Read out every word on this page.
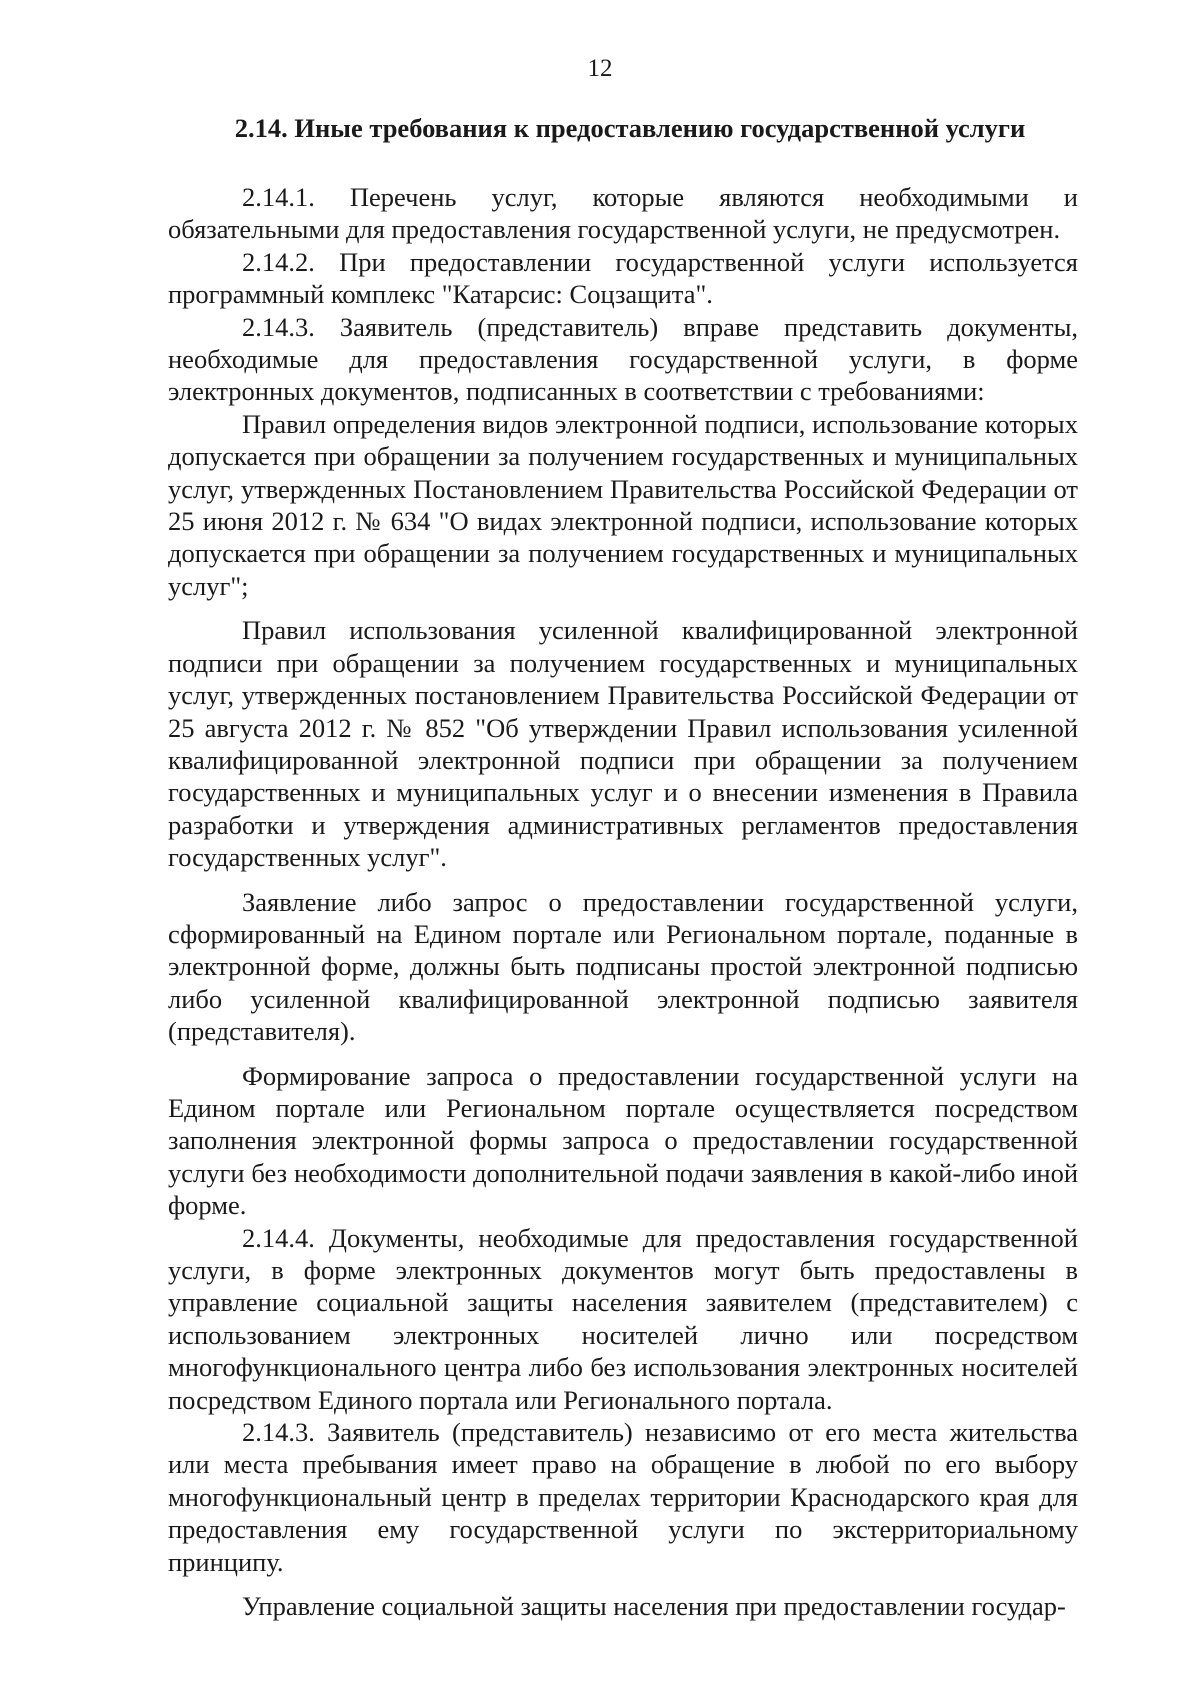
12
2.14. Иные требования к предоставлению государственной услуги

2.14.1. Перечень услуг, которые являются необходимыми и обязательными для предоставления государственной услуги, не предусмотрен.

2.14.2. При предоставлении государственной услуги используется программный комплекс "Катарсис: Соцзащита".

2.14.3. Заявитель (представитель) вправе представить документы, необходимые для предоставления государственной услуги, в форме электронных документов, подписанных в соответствии с требованиями:

Правил определения видов электронной подписи, использование которых допускается при обращении за получением государственных и муниципальных услуг, утвержденных Постановлением Правительства Российской Федерации от 25 июня 2012 г. № 634 "О видах электронной подписи, использование которых допускается при обращении за получением государственных и муниципальных услуг";

Правил использования усиленной квалифицированной электронной подписи при обращении за получением государственных и муниципальных услуг, утвержденных постановлением Правительства Российской Федерации от 25 августа 2012 г. № 852 "Об утверждении Правил использования усиленной квалифицированной электронной подписи при обращении за получением государственных и муниципальных услуг и о внесении изменения в Правила разработки и утверждения административных регламентов предоставления государственных услуг".

Заявление либо запрос о предоставлении государственной услуги, сформированный на Едином портале или Региональном портале, поданные в электронной форме, должны быть подписаны простой электронной подписью либо усиленной квалифицированной электронной подписью заявителя (представителя).

Формирование запроса о предоставлении государственной услуги на Едином портале или Региональном портале осуществляется посредством заполнения электронной формы запроса о предоставлении государственной услуги без необходимости дополнительной подачи заявления в какой-либо иной форме.

2.14.4. Документы, необходимые для предоставления государственной услуги, в форме электронных документов могут быть предоставлены в управление социальной защиты населения заявителем (представителем) с использованием электронных носителей лично или посредством многофункционального центра либо без использования электронных носителей посредством Единого портала или Регионального портала.

2.14.3. Заявитель (представитель) независимо от его места жительства или места пребывания имеет право на обращение в любой по его выбору многофункциональный центр в пределах территории Краснодарского края для предоставления ему государственной услуги по экстерриториальному принципу.

Управление социальной защиты населения при предоставлении государ-
